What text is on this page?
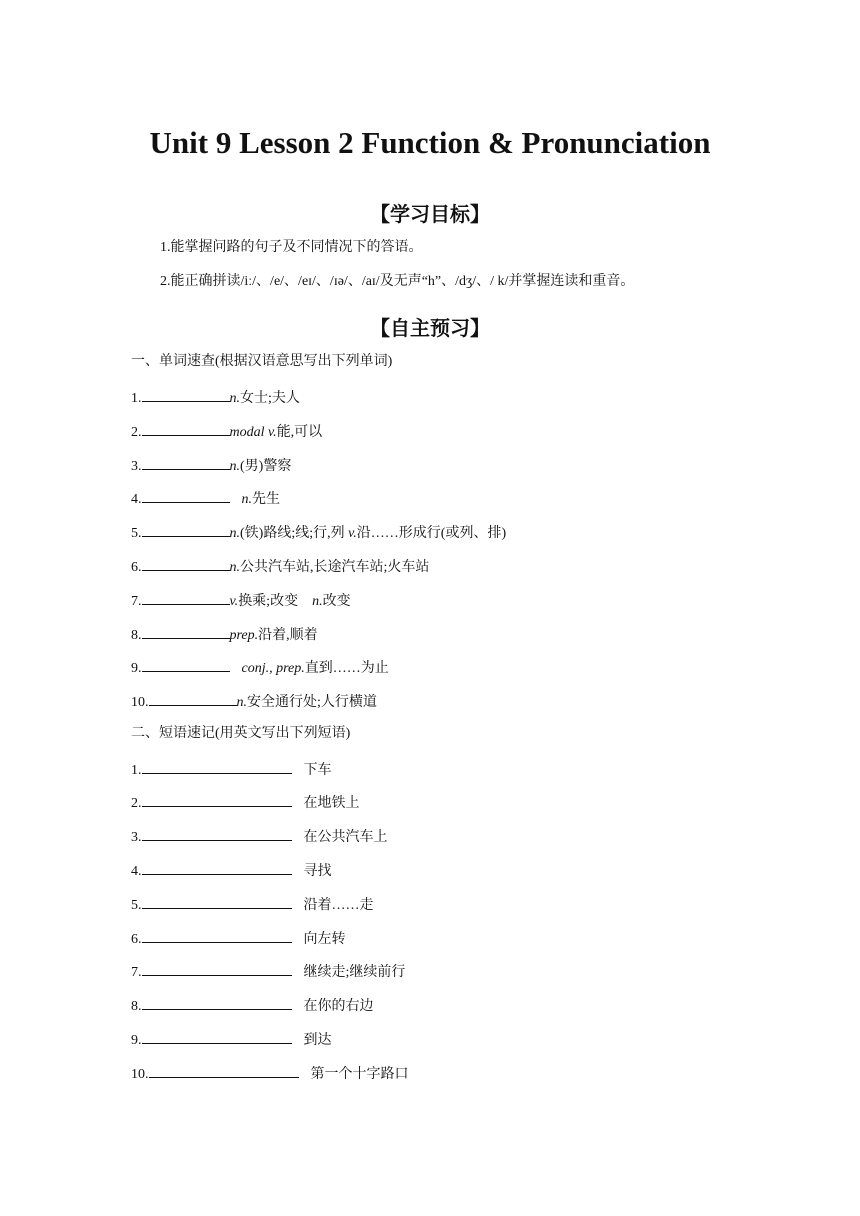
Unit 9 Lesson 2 Function & Pronunciation
【学习目标】
1.能掌握问路的句子及不同情况下的答语。
2.能正确拼读/iː/、/e/、/eɪ/、/ɪə/、/aɪ/及无声“h”、/dʒ/、/ k/并掌握连读和重音。
【自主预习】
一、单词速查(根据汉语意思写出下列单词)
1.	n.女士;夫人
2.	modal v.能,可以
3.	n.(男)警察
4.	n.先生
5.	n.(铁)路线;线;行,列 v.沿……形成行(或列、排)
6.	n.公共汽车站,长途汽车站;火车站
7.	v.换乘;改变    n.改变
8.	prep.沿着,顺着
9.	conj., prep.直到……为止
10.	n.安全通行处;人行横道
二、短语速记(用英文写出下列短语)
1.	下车
2.	在地铁上
3.	在公共汽车上
4.	寻找
5.	沿着……走
6.	向左转
7.	继续走;继续前行
8.	在你的右边
9.	到达
10.	第一个十字路口
